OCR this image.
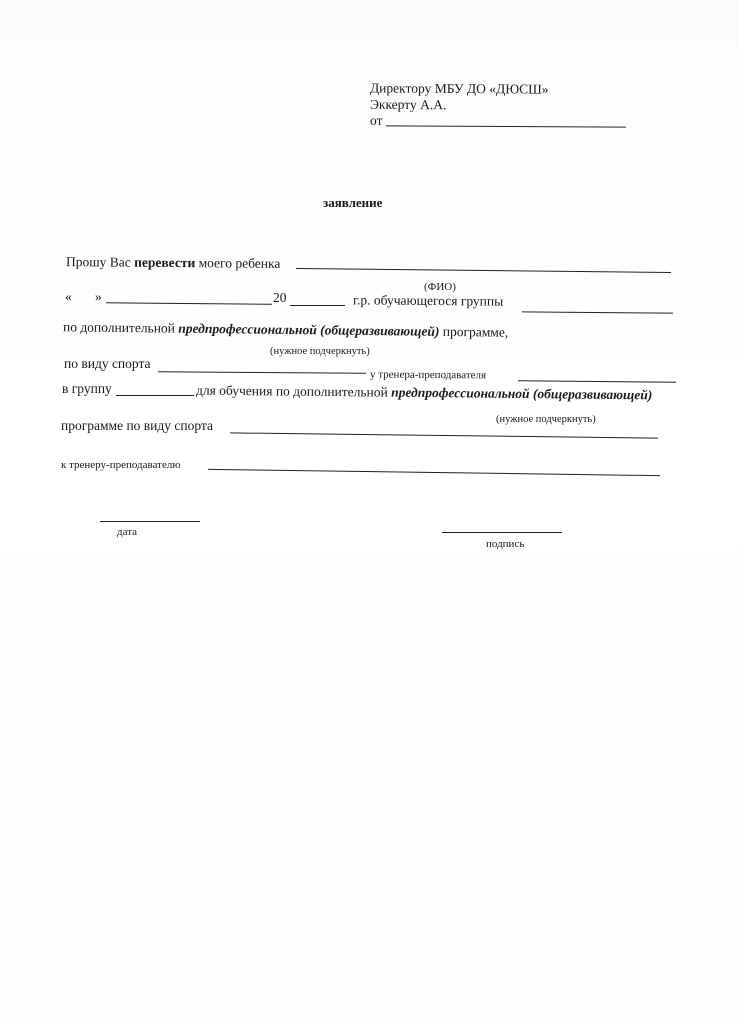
Директору МБУ ДО «ДЮСШ»
Эккерту А.А.
от
заявление
Прошу Вас перевести моего ребенка
(ФИО)
« »	20	г.р. обучающегося группы
по дополнительной предпрофессиональной (общеразвивающей) программе,
(нужное подчеркнуть)
по виду спорта
у тренера-преподавателя
в группу	для обучения по дополнительной предпрофессиональной (общеразвивающей)
(нужное подчеркнуть)
программе по виду спорта
к тренеру-преподавателю
дата
подпись
